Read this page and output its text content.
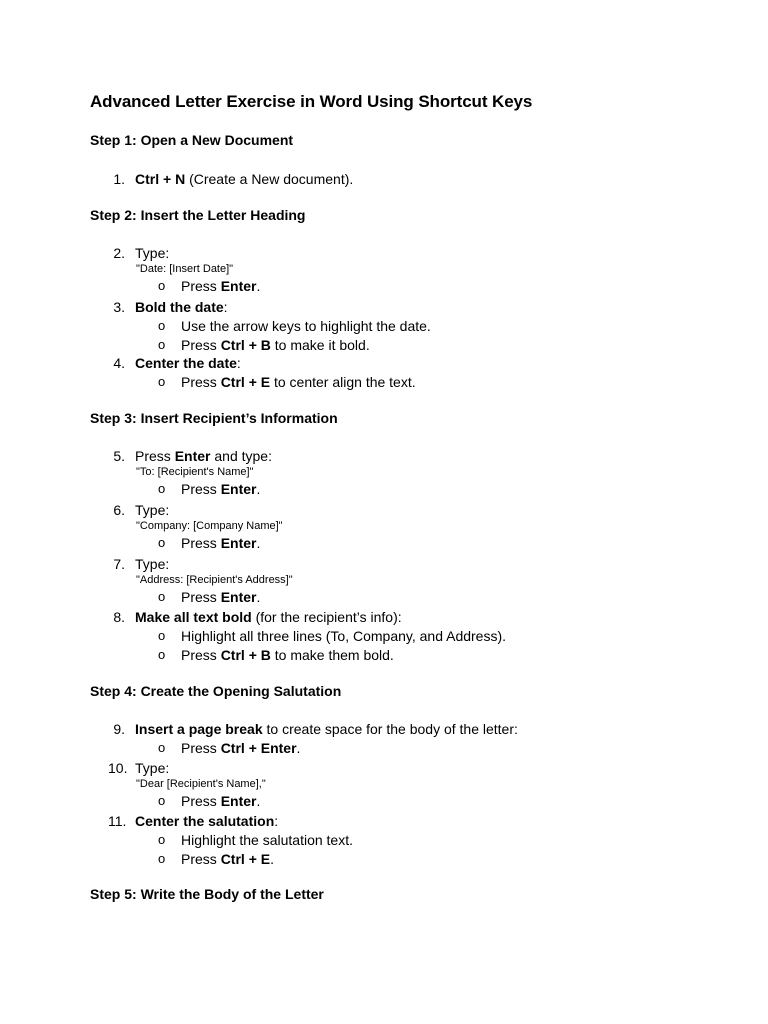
Advanced Letter Exercise in Word Using Shortcut Keys
Step 1: Open a New Document
1. Ctrl + N (Create a New document).
Step 2: Insert the Letter Heading
2. Type:
"Date: [Insert Date]"
o Press Enter.
3. Bold the date:
o Use the arrow keys to highlight the date.
o Press Ctrl + B to make it bold.
4. Center the date:
o Press Ctrl + E to center align the text.
Step 3: Insert Recipient’s Information
5. Press Enter and type:
"To: [Recipient's Name]"
o Press Enter.
6. Type:
"Company: [Company Name]"
o Press Enter.
7. Type:
"Address: [Recipient's Address]"
o Press Enter.
8. Make all text bold (for the recipient’s info):
o Highlight all three lines (To, Company, and Address).
o Press Ctrl + B to make them bold.
Step 4: Create the Opening Salutation
9. Insert a page break to create space for the body of the letter:
o Press Ctrl + Enter.
10. Type:
"Dear [Recipient's Name],"
o Press Enter.
11. Center the salutation:
o Highlight the salutation text.
o Press Ctrl + E.
Step 5: Write the Body of the Letter
